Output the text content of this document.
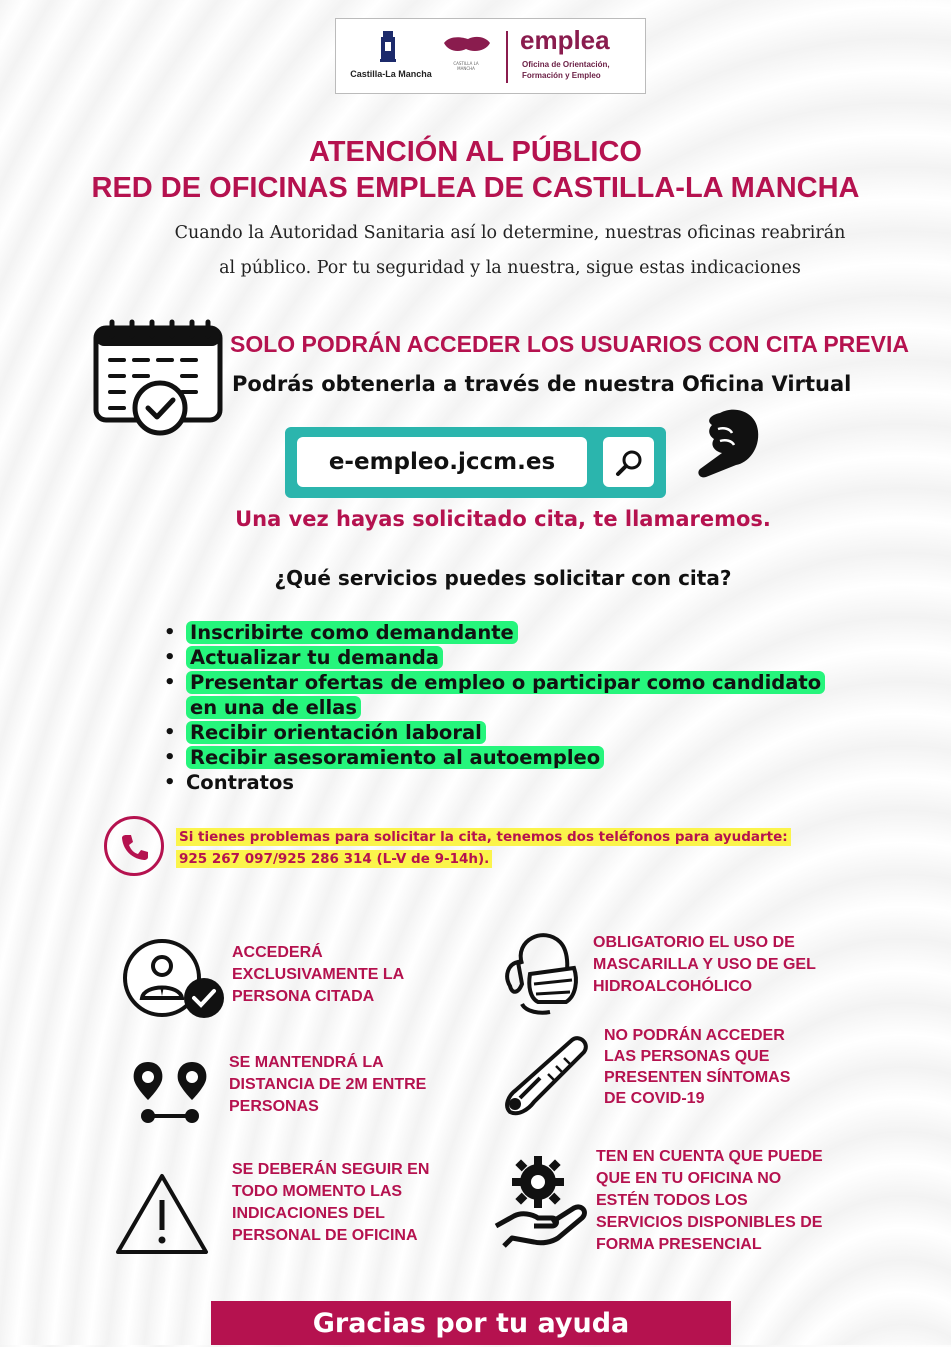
Castilla-La Mancha
CASTILLA LA MANCHA
emplea
Oficina de Orientación,
Formación y Empleo
ATENCIÓN AL PÚBLICO
RED DE OFICINAS EMPLEA DE CASTILLA-LA MANCHA
Cuando la Autoridad Sanitaria así lo determine, nuestras oficinas reabrirán
al público. Por tu seguridad y la nuestra, sigue estas indicaciones
SOLO PODRÁN ACCEDER LOS USUARIOS CON CITA PREVIA
Podrás obtenerla a través de nuestra Oficina Virtual
e-empleo.jccm.es
Una vez hayas solicitado cita, te llamaremos.
¿Qué servicios puedes solicitar con cita?
• Inscribirte como demandante
• Actualizar tu demanda
• Presentar ofertas de empleo o participar como candidato en una de ellas
• Recibir orientación laboral
• Recibir asesoramiento al autoempleo
• Contratos
Si tienes problemas para solicitar la cita, tenemos dos teléfonos para ayudarte:
925 267 097/925 286 314 (L-V de 9-14h).
ACCEDERÁ EXCLUSIVAMENTE LA PERSONA CITADA
OBLIGATORIO EL USO DE MASCARILLA Y USO DE GEL HIDROALCOHÓLICO
SE MANTENDRÁ LA DISTANCIA DE 2M ENTRE PERSONAS
NO PODRÁN ACCEDER LAS PERSONAS QUE PRESENTEN SÍNTOMAS DE COVID-19
SE DEBERÁN SEGUIR EN TODO MOMENTO LAS INDICACIONES DEL PERSONAL DE OFICINA
TEN EN CUENTA QUE PUEDE QUE EN TU OFICINA NO ESTÉN TODOS LOS SERVICIOS DISPONIBLES DE FORMA PRESENCIAL
Gracias por tu ayuda
